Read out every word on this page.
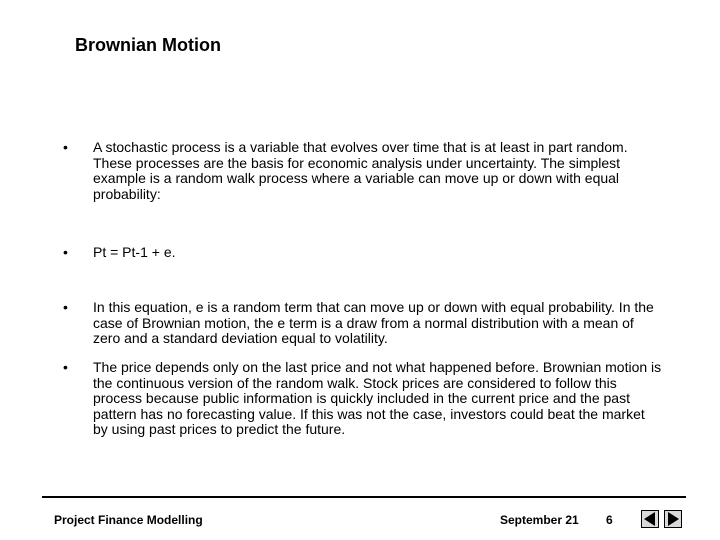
Brownian Motion
•	A stochastic process is a variable that evolves over time that is at least in part random. These processes are the basis for economic analysis under uncertainty. The simplest example is a random walk process where a variable can move up or down with equal probability:
•	Pt = Pt-1 + e.
•	In this equation, e is a random term that can move up or down with equal probability. In the case of Brownian motion, the e term is a draw from a normal distribution with a mean of zero and a standard deviation equal to volatility.
•	The price depends only on the last price and not what happened before. Brownian motion is the continuous version of the random walk. Stock prices are considered to follow this process because public information is quickly included in the current price and the past pattern has no forecasting value. If this was not the case, investors could beat the market by using past prices to predict the future.
Project Finance Modelling	September 21 6
